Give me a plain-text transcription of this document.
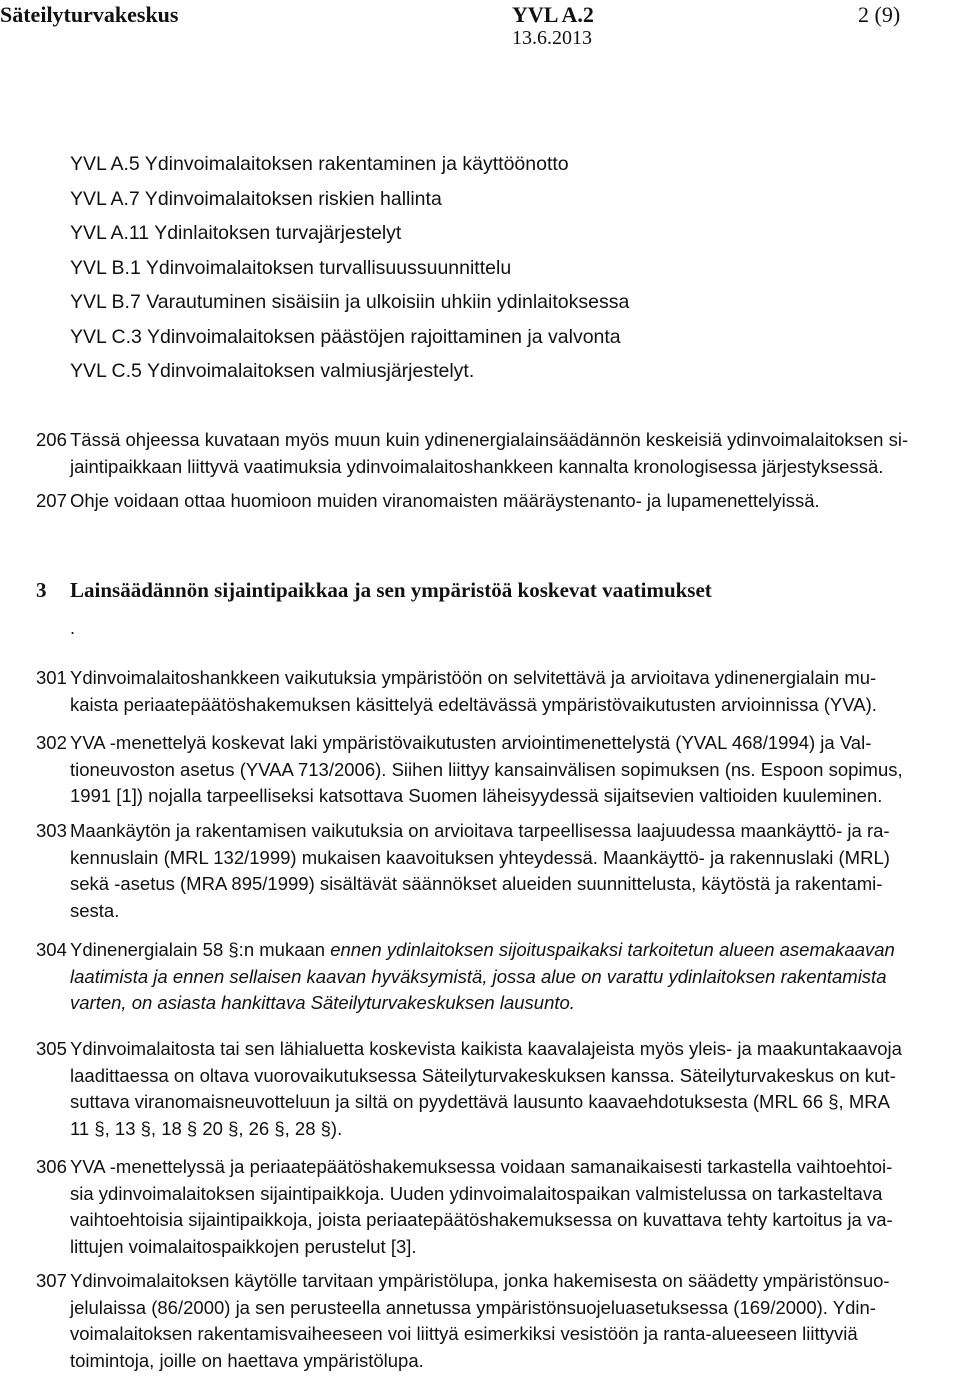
Säteilyturvakeskus	YVL A.2
13.6.2013
2 (9)
YVL A.5 Ydinvoimalaitoksen rakentaminen ja käyttöönotto
YVL A.7 Ydinvoimalaitoksen riskien hallinta
YVL A.11 Ydinlaitoksen turvajärjestelyt
YVL B.1 Ydinvoimalaitoksen turvallisuussuunnittelu
YVL B.7 Varautuminen sisäisiin ja ulkoisiin uhkiin ydinlaitoksessa
YVL C.3 Ydinvoimalaitoksen päästöjen rajoittaminen ja valvonta
YVL C.5 Ydinvoimalaitoksen valmiusjärjestelyt.
206 Tässä ohjeessa kuvataan myös muun kuin ydinenergialainsäädännön keskeisiä ydinvoimalaitoksen si-
jaintipaikkaan liittyvä vaatimuksia ydinvoimalaitoshankkeen kannalta kronologisessa järjestyksessä.
207 Ohje voidaan ottaa huomioon muiden viranomaisten määräystenanto- ja lupamenettelyissä.
3 Lainsäädännön sijaintipaikkaa ja sen ympäristöä koskevat vaatimukset
.
301 Ydinvoimalaitoshankkeen vaikutuksia ympäristöön on selvitettävä ja arvioitava ydinenergialain mu-
kaista periaatepäätöshakemuksen käsittelyä edeltävässä ympäristövaikutusten arvioinnissa (YVA).
302 YVA -menettelyä koskevat laki ympäristövaikutusten arviointimenettelystä (YVAL 468/1994) ja Val-
tioneuvoston asetus (YVAA 713/2006). Siihen liittyy kansainvälisen sopimuksen (ns. Espoon sopimus,
1991 [1]) nojalla tarpeelliseksi katsottava Suomen läheisyydessä sijaitsevien valtioiden kuuleminen.
303 Maankäytön ja rakentamisen vaikutuksia on arvioitava tarpeellisessa laajuudessa maankäyttö- ja ra-
kennuslain (MRL 132/1999) mukaisen kaavoituksen yhteydessä. Maankäyttö- ja rakennuslaki (MRL)
sekä -asetus (MRA 895/1999) sisältävät säännökset alueiden suunnittelusta, käytöstä ja rakentami-
sesta.
304 Ydinenergialain 58 §:n mukaan ennen ydinlaitoksen sijoituspaikaksi tarkoitetun alueen asemakaavan
laatimista ja ennen sellaisen kaavan hyväksymistä, jossa alue on varattu ydinlaitoksen rakentamista
varten, on asiasta hankittava Säteilyturvakeskuksen lausunto.
305 Ydinvoimalaitosta tai sen lähialuetta koskevista kaikista kaavalajeista myös yleis- ja maakuntakaavoja
laadittaessa on oltava vuorovaikutuksessa Säteilyturvakeskuksen kanssa. Säteilyturvakeskus on kut-
suttava viranomaisneuvotteluun ja siltä on pyydettävä lausunto kaavaehdotuksesta (MRL 66 §, MRA
11 §, 13 §, 18 § 20 §, 26 §, 28 §).
306 YVA -menettelyssä ja periaatepäätöshakemuksessa voidaan samanaikaisesti tarkastella vaihtoehtoi-
sia ydinvoimalaitoksen sijaintipaikkoja. Uuden ydinvoimalaitospaikan valmistelussa on tarkasteltava
vaihtoehtoisia sijaintipaikkoja, joista periaatepäätöshakemuksessa on kuvattava tehty kartoitus ja va-
littujen voimalaitospaikkojen perustelut [3].
307 Ydinvoimalaitoksen käytölle tarvitaan ympäristölupa, jonka hakemisesta on säädetty ympäristönsuo-
jelulaissa (86/2000) ja sen perusteella annetussa ympäristönsuojeluasetuksessa (169/2000). Ydin-
voimalaitoksen rakentamisvaiheeseen voi liittyä esimerkiksi vesistöön ja ranta-alueeseen liittyviä
toimintoja, joille on haettava ympäristölupa.
